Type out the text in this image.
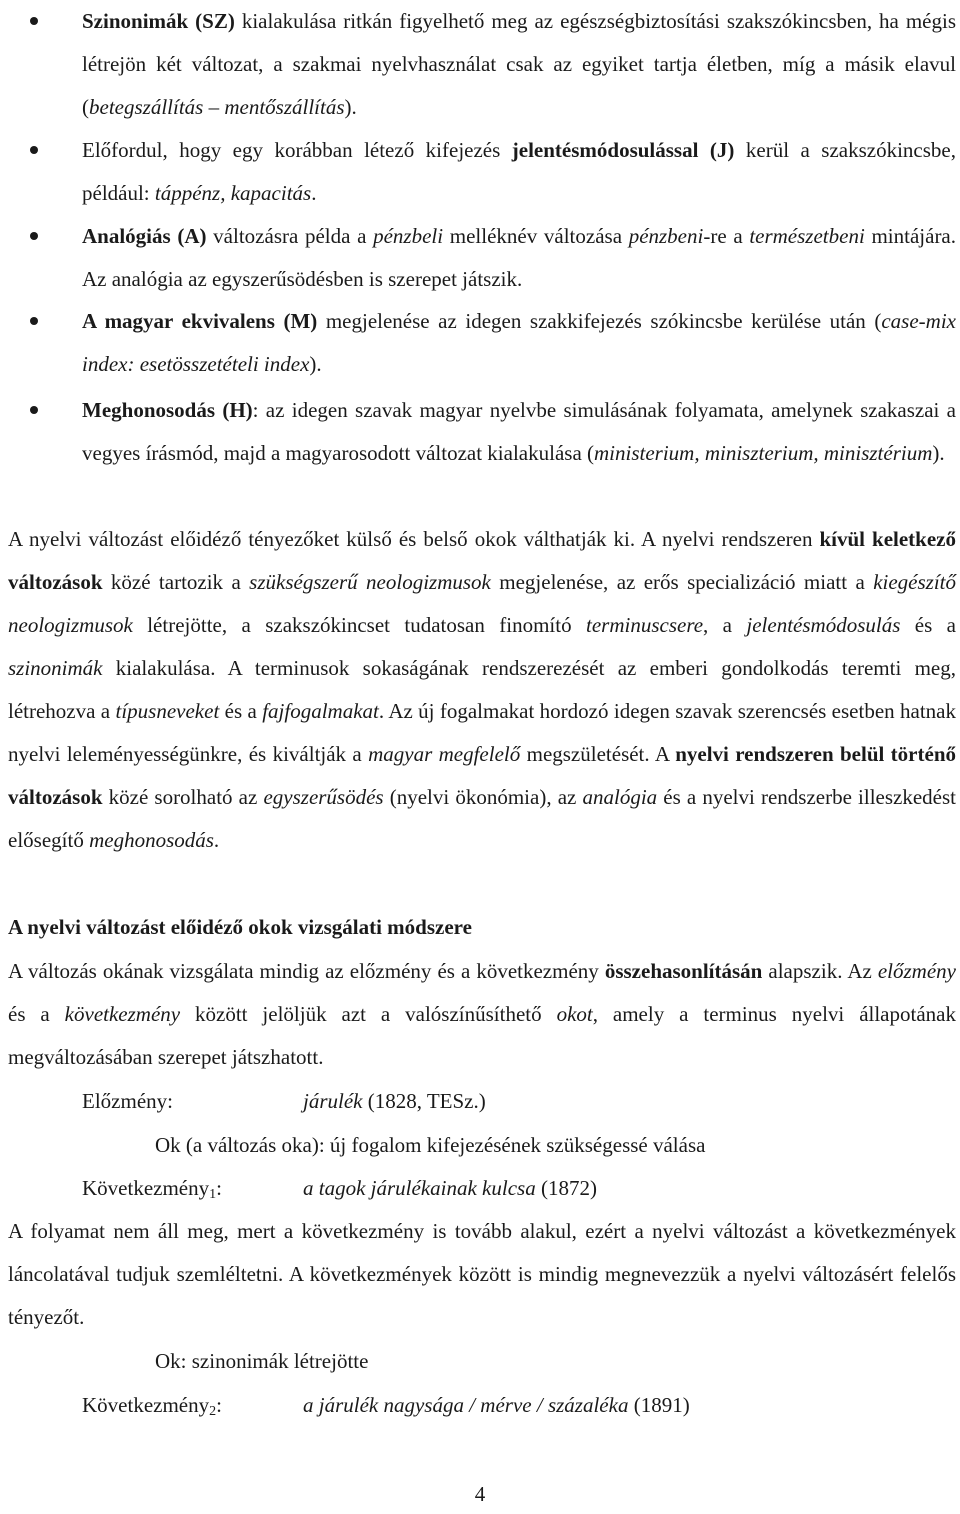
Szinonimák (SZ) kialakulása ritkán figyelhető meg az egészségbiztosítási szakszókincsben, ha mégis létrejön két változat, a szakmai nyelvhasználat csak az egyiket tartja életben, míg a másik elavul (betegszállítás – mentőszállítás).
Előfordul, hogy egy korábban létező kifejezés jelentésmódosulással (J) kerül a szakszókincsbe, például: táppénz, kapacitás.
Analógiás (A) változásra példa a pénzbeli melléknév változása pénzbeni-re a természetbeni mintájára. Az analógia az egyszerűsödésben is szerepet játszik.
A magyar ekvivalens (M) megjelenése az idegen szakkifejezés szókincsbe kerülése után (case-mix index: esetösszetételi index).
Meghonosodás (H): az idegen szavak magyar nyelvbe simulásának folyamata, amelynek szakaszai a vegyes írásmód, majd a magyarosodott változat kialakulása (ministerium, miniszterium, minisztérium).
A nyelvi változást előidéző tényezőket külső és belső okok válthatják ki. A nyelvi rendszeren kívül keletkező változások közé tartozik a szükségszerű neologizmusok megjelenése, az erős specializáció miatt a kiegészítő neologizmusok létrejötte, a szakszókincset tudatosan finomító terminuscsere, a jelentésmódosulás és a szinonimák kialakulása. A terminusok sokaságának rendszerezését az emberi gondolkodás teremti meg, létrehozva a típusneveket és a fajfogalmakat. Az új fogalmakat hordozó idegen szavak szerencsés esetben hatnak nyelvi leleményességünkre, és kiváltják a magyar megfelelő megszületését. A nyelvi rendszeren belül történő változások közé sorolható az egyszerűsödés (nyelvi ökonómia), az analógia és a nyelvi rendszerbe illeszkedést elősegítő meghonosodás.
A nyelvi változást előidéző okok vizsgálati módszere
A változás okának vizsgálata mindig az előzmény és a következmény összehasonlításán alapszik. Az előzmény és a következmény között jelöljük azt a valószínűsíthető okot, amely a terminus nyelvi állapotának megváltozásában szerepet játszhatott.
Előzmény:	járulék (1828, TESz.)
Ok (a változás oka): új fogalom kifejezésének szükségessé válása
Következmény$_1$:	a tagok járulékainak kulcsa (1872)
A folyamat nem áll meg, mert a következmény is tovább alakul, ezért a nyelvi változást a következmények láncolatával tudjuk szemléltetni. A következmények között is mindig megnevezzük a nyelvi változásért felelős tényezőt.
Ok: szinonimák létrejötte
Következmény$_2$:	a járulék nagysága / mérve / százaléka (1891)
4
